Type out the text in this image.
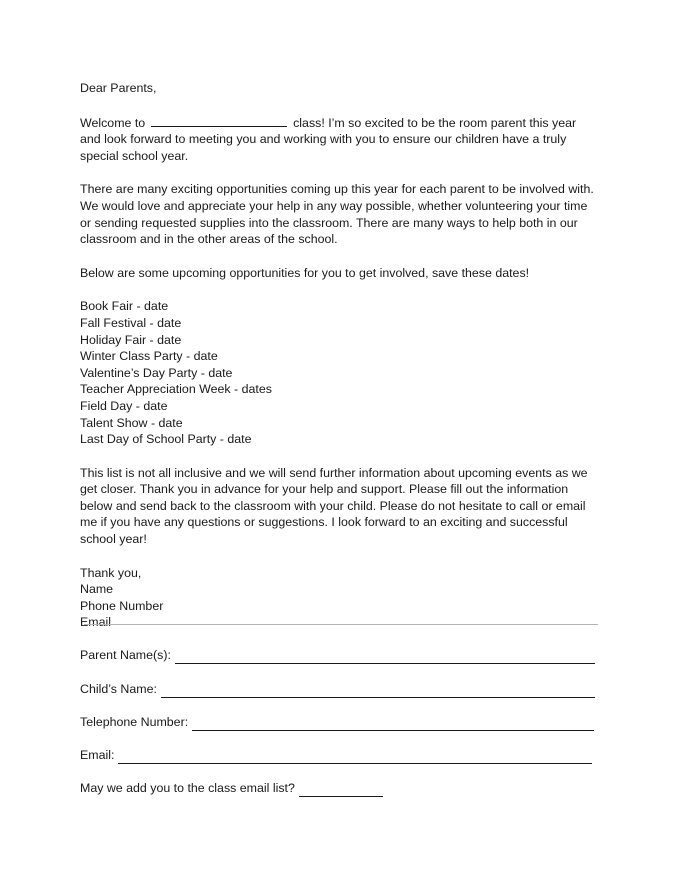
Dear Parents,

Welcome to	class! I’m so excited to be the room parent this year and look forward to meeting you and working with you to ensure our children have a truly special school year.

There are many exciting opportunities coming up this year for each parent to be involved with. We would love and appreciate your help in any way possible, whether volunteering your time or sending requested supplies into the classroom. There are many ways to help both in our classroom and in the other areas of the school.

Below are some upcoming opportunities for you to get involved, save these dates!

Book Fair - date
Fall Festival - date
Holiday Fair - date
Winter Class Party - date
Valentine’s Day Party - date
Teacher Appreciation Week - dates
Field Day - date
Talent Show - date
Last Day of School Party - date

This list is not all inclusive and we will send further information about upcoming events as we get closer. Thank you in advance for your help and support. Please fill out the information below and send back to the classroom with your child. Please do not hesitate to call or email me if you have any questions or suggestions. I look forward to an exciting and successful school year!

Thank you,

Name

Phone Number

Email

Parent Name(s):
Child’s Name:
Telephone Number:
Email:
May we add you to the class email list?
